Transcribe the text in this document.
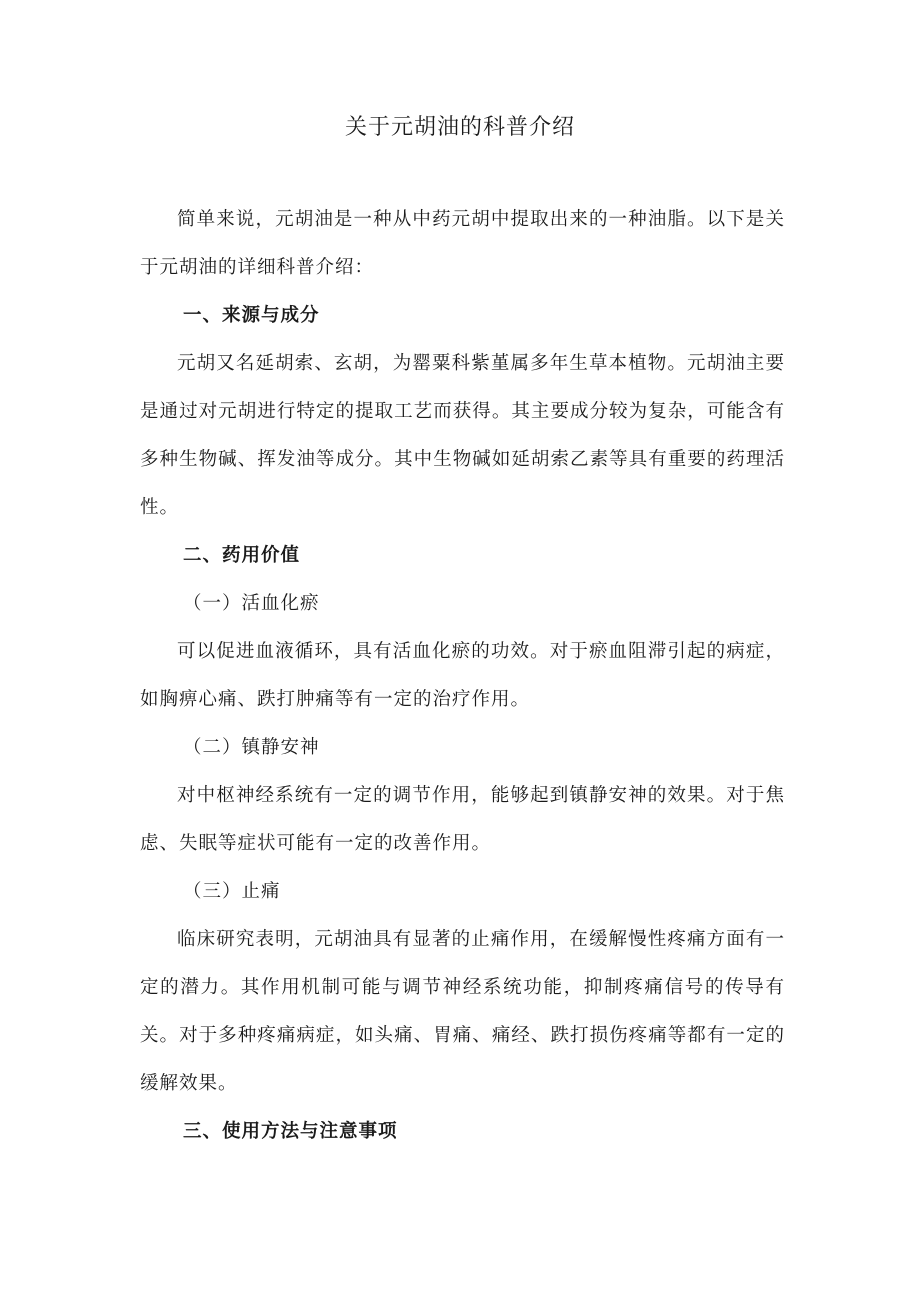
关于元胡油的科普介绍
简单来说，元胡油是一种从中药元胡中提取出来的一种油脂。以下是关于元胡油的详细科普介绍：
一、来源与成分
元胡又名延胡索、玄胡，为罂粟科紫堇属多年生草本植物。元胡油主要是通过对元胡进行特定的提取工艺而获得。其主要成分较为复杂，可能含有多种生物碱、挥发油等成分。其中生物碱如延胡索乙素等具有重要的药理活性。
二、药用价值
（一）活血化瘀
可以促进血液循环，具有活血化瘀的功效。对于瘀血阻滞引起的病症，如胸痹心痛、跌打肿痛等有一定的治疗作用。
（二）镇静安神
对中枢神经系统有一定的调节作用，能够起到镇静安神的效果。对于焦虑、失眠等症状可能有一定的改善作用。
（三）止痛
临床研究表明，元胡油具有显著的止痛作用，在缓解慢性疼痛方面有一定的潜力。其作用机制可能与调节神经系统功能，抑制疼痛信号的传导有关。对于多种疼痛病症，如头痛、胃痛、痛经、跌打损伤疼痛等都有一定的缓解效果。
三、使用方法与注意事项
